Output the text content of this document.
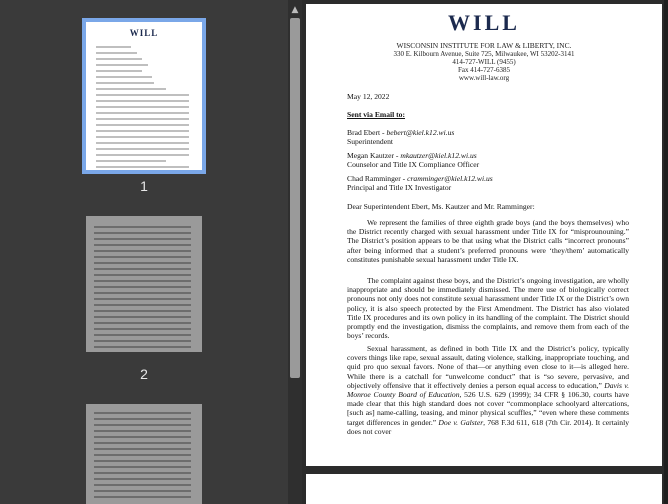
WILL
1
2
▲	WILL
WISCONSIN INSTITUTE FOR LAW & LIBERTY, INC.
330 E. Kilbourn Avenue, Suite 725, Milwaukee, WI 53202-3141
414-727-WILL (9455)
Fax 414-727-6385
www.will-law.org
May 12, 2022
Sent via Email to:
Brad Ebert - bebert@kiel.k12.wi.us
Superintendent
Megan Kautzer - mkautzer@kiel.k12.wi.us
Counselor and Title IX Compliance Officer
Chad Ramminger - cramminger@kiel.k12.wi.us
Principal and Title IX Investigator
Dear Superintendent Ebert, Ms. Kautzer and Mr. Ramminger:
We represent the families of three eighth grade boys (and the boys themselves) who the District recently charged with sexual harassment under Title IX for “misprounouning.” The District’s position appears to be that using what the District calls “incorrect pronouns” after being informed that a student’s preferred pronouns were ‘they/them’ automatically constitutes punishable sexual harassment under Title IX.
The complaint against these boys, and the District’s ongoing investigation, are wholly inappropriate and should be immediately dismissed. The mere use of biologically correct pronouns not only does not constitute sexual harassment under Title IX or the District’s own policy, it is also speech protected by the First Amendment. The District has also violated Title IX procedures and its own policy in its handling of the complaint. The District should promptly end the investigation, dismiss the complaints, and remove them from each of the boys’ records.
Sexual harassment, as defined in both Title IX and the District’s policy, typically covers things like rape, sexual assault, dating violence, stalking, inappropriate touching, and quid pro quo sexual favors. None of that—or anything even close to it—is alleged here. While there is a catchall for “unwelcome conduct” that is “so severe, pervasive, and objectively offensive that it effectively denies a person equal access to education,” Davis v. Monroe County Board of Education, 526 U.S. 629 (1999); 34 CFR § 106.30, courts have made clear that this high standard does not cover “commonplace schoolyard altercations, [such as] name-calling, teasing, and minor physical scuffles,” “even where these comments target differences in gender.” Doe v. Galster, 768 F.3d 611, 618 (7th Cir. 2014). It certainly does not cover
